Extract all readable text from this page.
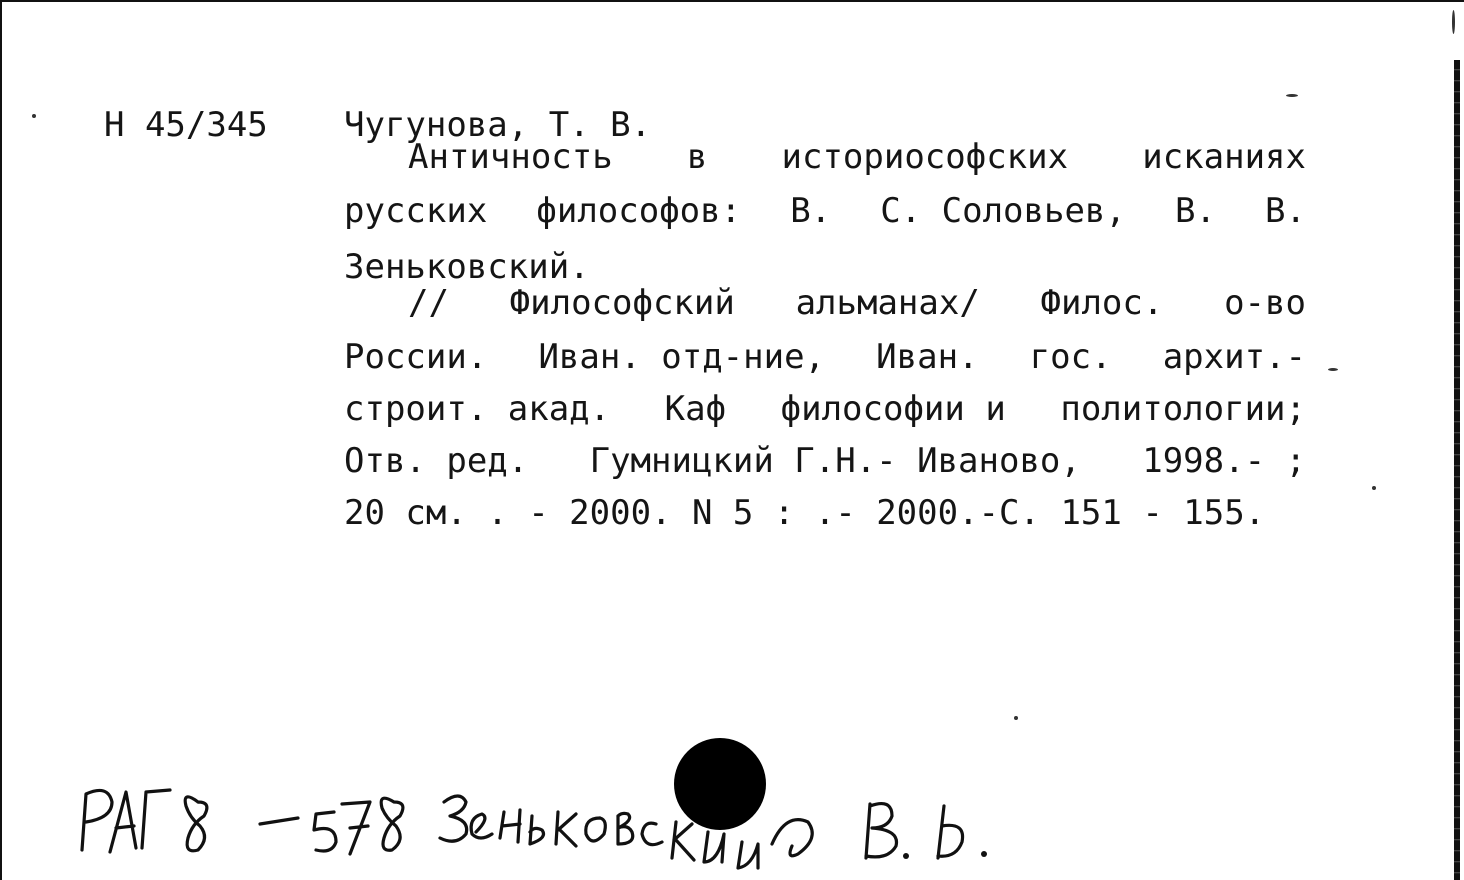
Н 45/345 Чугунова, Т. В.
Античность в историософских исканиях
русских философов: В. С. Соловьев, В. В.
Зеньковский.
// Философский альманах/ Филос. о-во
России. Иван. отд-ние, Иван. гос. архит.-
строит. акад. Каф философии и политологии;
Отв. ред. Гумницкий Г.Н.- Иваново, 1998.- ;
20 см. . - 2000. N 5 : .- 2000.-С. 151 - 155.
